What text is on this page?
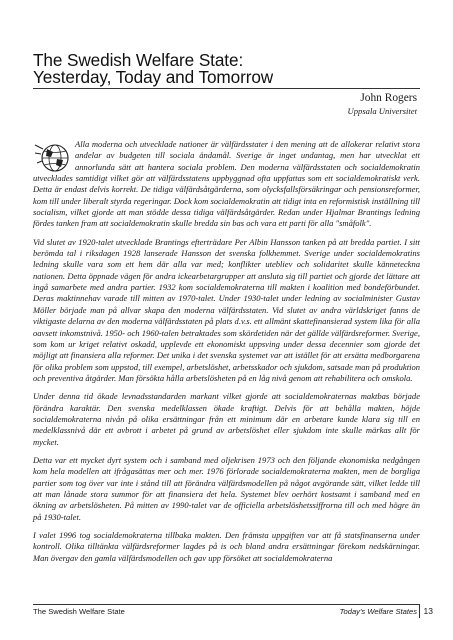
The Swedish Welfare State:

Yesterday, Today and Tomorrow

John Rogers
Uppsala Universitet

Alla moderna och utvecklade nationer är välfärdsstater i den mening att de allokerar relativt stora andelar av budgeten till sociala ändamål. Sverige är inget undantag, men har utvecklat ett annorlunda sätt att hantera sociala problem. Den moderna välfärdsstaten och socialdemokratin utvecklades samtidigt vilket gör att välfärdsstatens uppbyggnad ofta uppfattas som ett socialdemokratiskt verk. Detta är endast delvis korrekt. De tidiga välfärdsåtgärderna, som olycksfallsförsäkringar och pensionsreformer, kom till under liberalt styrda regeringar. Dock kom socialdemokratin att tidigt inta en reformistisk inställning till socialism, vilket gjorde att man stödde dessa tidiga välfärdsåtgärder. Redan under Hjalmar Brantings ledning fördes tanken fram att socialdemokratin skulle bredda sin bas och vara ett parti för alla "småfolk".

Vid slutet av 1920-talet utvecklade Brantings efterträdare Per Albin Hansson tanken på att bredda partiet. I sitt berömda tal i riksdagen 1928 lanserade Hansson det svenska folkhemmet. Sverige under socialdemokratins ledning skulle vara som ett hem där alla var med; konflikter utebliev och solidaritet skulle kännetecknа nationen. Detta öppnade vägen för andra ickearbetargrupper att ansluta sig till partiet och gjorde det lättare att ingå samarbete med andra partier. 1932 kom socialdemokraterna till makten i koalition med bondeförbundet. Deras maktinnehav varade till mitten av 1970-talet. Under 1930-talet under ledning av socialminister Gustav Möller började man på allvar skapa den moderna välfärdsstaten. Vid slutet av andra världskriget fanns de viktigaste delarna av den moderna välfärdsstaten på plats d.v.s. ett allmänt skattefinansierad system lika för alla oavsett inkomstnivå. 1950- och 1960-talen betraktades som skördetiden när det gällde välfärdsreformer. Sverige, som kom ur kriget relativt oskadd, upplevde ett ekonomiskt uppsving under dessa decennier som gjorde det möjligt att finansiera alla reformer. Det unika i det svenska systemet var att istället för att ersätta medborgarena för olika problem som uppstod, till exempel, arbetslöshet, arbetsskador och sjukdom, satsade man på produktion och preventiva åtgärder. Man försökta hålla arbetslösheten på en låg nivå genom att rehabilitera och omskola.

Under denna tid ökade levnadsstandarden markant vilket gjorde att socialdemokraternas maktbas började förändra karaktär. Den svenska medelklassen ökade kraftigt. Delvis för att behålla makten, höjde socialdemokraterna nivån på olika ersättningar från ett minimum där en arbetare kunde klara sig till en medelklassnivå där ett avbrott i arbetet på grund av arbetslöshet eller sjukdom inte skulle märkas allt för mycket.

Detta var ett mycket dyrt system och i samband med oljekrisen 1973 och den följande ekonomiska nedgången kom hela modellen att ifrågasättas mer och mer. 1976 förlorade socialdemokraterna makten, men de borgliga partier som tog över var inte i stånd till att förändra välfärdsmodellen på något avgörande sätt, vilket ledde till att man lånade stora summor för att finansiera det hela. Systemet blev oerhört kostsamt i samband med en ökning av arbetslösheten. På mitten av 1990-talet var de officiella arbetslöshetssiffrorna till och med högre än på 1930-talet.

I valet 1996 tog socialdemokraterna tillbaka makten. Den främsta uppgiften var att få statsfinanserna under kontroll. Olika tilltänkta välfärdsreformer lagdes på is och bland andra ersättningar förekom nedskärningar. Man övergav den gamla välfärdsmodellen och gav upp försöket att socialdemokraterna

The Swedish Welfare State	Today's Welfare States 13
